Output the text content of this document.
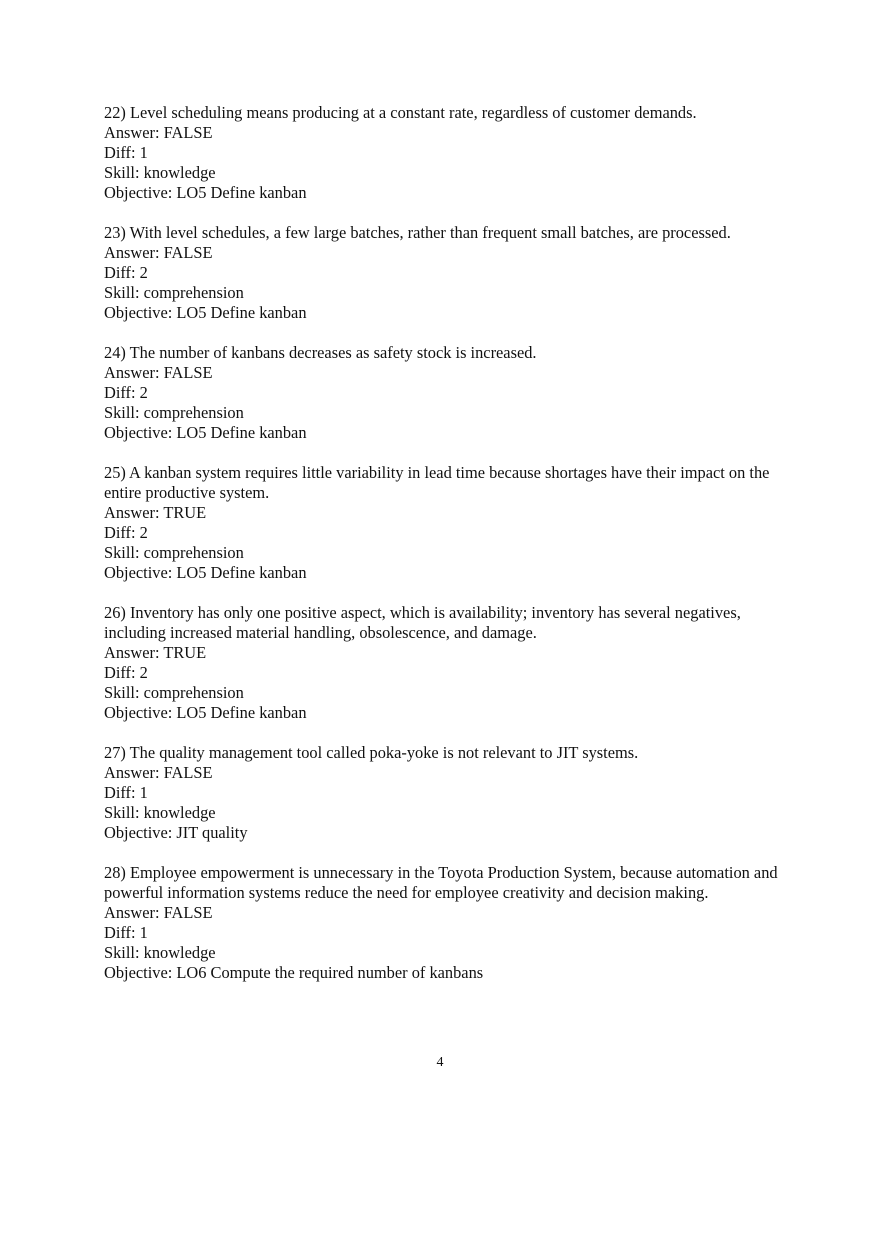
22) Level scheduling means producing at a constant rate, regardless of customer demands.
Answer: FALSE
Diff: 1
Skill: knowledge
Objective: LO5 Define kanban
23) With level schedules, a few large batches, rather than frequent small batches, are processed.
Answer: FALSE
Diff: 2
Skill: comprehension
Objective: LO5 Define kanban
24) The number of kanbans decreases as safety stock is increased.
Answer: FALSE
Diff: 2
Skill: comprehension
Objective: LO5 Define kanban
25) A kanban system requires little variability in lead time because shortages have their impact on the entire productive system.
Answer: TRUE
Diff: 2
Skill: comprehension
Objective: LO5 Define kanban
26) Inventory has only one positive aspect, which is availability; inventory has several negatives, including increased material handling, obsolescence, and damage.
Answer: TRUE
Diff: 2
Skill: comprehension
Objective: LO5 Define kanban
27) The quality management tool called poka-yoke is not relevant to JIT systems.
Answer: FALSE
Diff: 1
Skill: knowledge
Objective: JIT quality
28) Employee empowerment is unnecessary in the Toyota Production System, because automation and powerful information systems reduce the need for employee creativity and decision making.
Answer: FALSE
Diff: 1
Skill: knowledge
Objective: LO6 Compute the required number of kanbans
4
